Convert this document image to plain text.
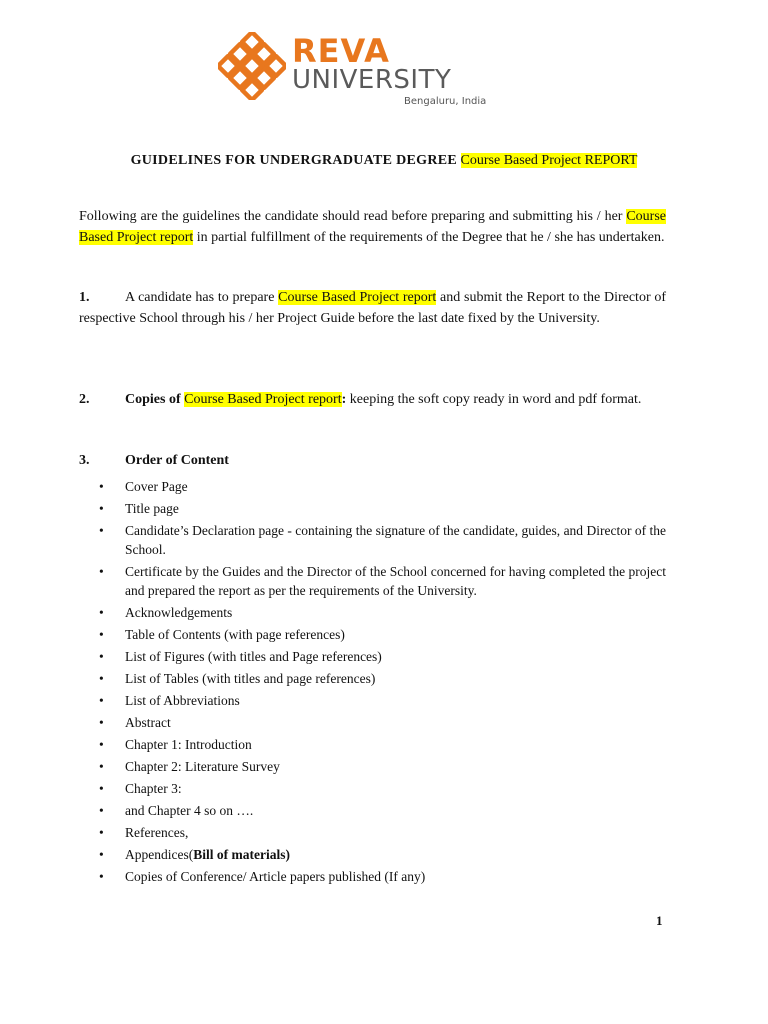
REVA
UNIVERSITY
Bengaluru, India
GUIDELINES FOR UNDERGRADUATE DEGREE Course Based Project REPORT
Following are the guidelines the candidate should read before preparing and submitting his / her Course Based Project report in partial fulfillment of the requirements of the Degree that he / she has undertaken.
1.	A candidate has to prepare Course Based Project report and submit the Report to the Director of respective School through his / her Project Guide before the last date fixed by the University.
2.	Copies of Course Based Project report: keeping the soft copy ready in word and pdf format.
3.	Order of Content
• Cover Page
• Title page
• Candidate’s Declaration page - containing the signature of the candidate, guides, and Director of the School.
• Certificate by the Guides and the Director of the School concerned for having completed the project and prepared the report as per the requirements of the University.
• Acknowledgements
• Table of Contents (with page references)
• List of Figures (with titles and Page references)
• List of Tables (with titles and page references)
• List of Abbreviations
• Abstract
• Chapter 1: Introduction
• Chapter 2: Literature Survey
• Chapter 3:
• and Chapter 4 so on ….
• References,
• Appendices(Bill of materials)
• Copies of Conference/ Article papers published (If any)
1
